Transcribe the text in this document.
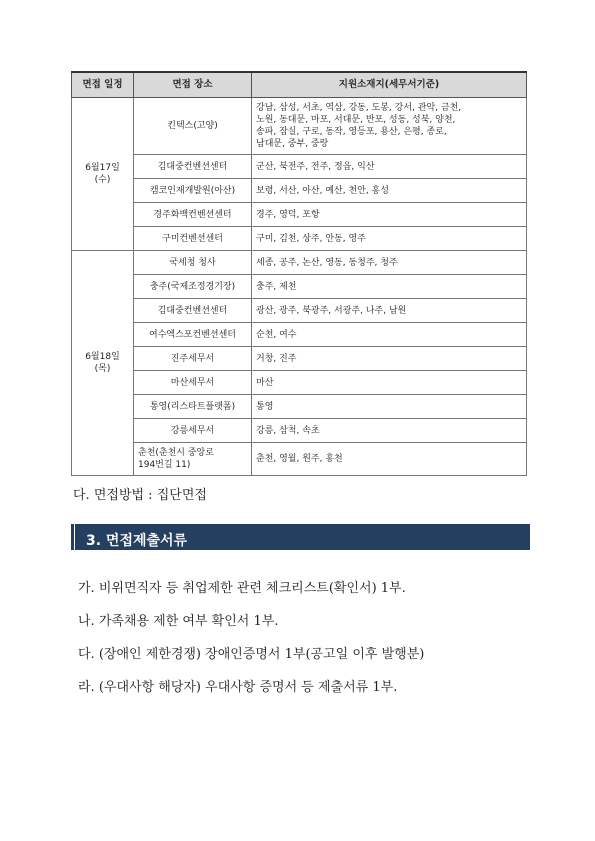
면접 일정	면접 장소	지원소재지(세무서기준)

6월17일
(수)	킨텍스(고양)	강남, 삼성, 서초, 역삼, 강동, 도봉, 강서, 관악, 금천,
노원, 동대문, 마포, 서대문, 반포, 성동, 성북, 양천,
송파, 잠실, 구로, 동작, 영등포, 용산, 은평, 종로,
남대문, 중부, 중랑

	김대중컨벤션센터	군산, 북전주, 전주, 정읍, 익산
	캠코인재개발원(아산)	보령, 서산, 아산, 예산, 천안, 홍성
	경주화백컨벤션센터	경주, 영덕, 포항
	구미컨벤션센터	구미, 김천, 상주, 안동, 영주

6월18일
(목)	국세청 청사	세종, 공주, 논산, 영동, 동청주, 청주
	충주(국제조정경기장)	충주, 제천
	김대중컨벤션센터	광산, 광주, 북광주, 서광주, 나주, 남원
	여수엑스포컨벤션센터	순천, 여수
	진주세무서	거창, 진주
	마산세무서	마산
	통영(리스타트플랫폼)	통영
	강릉세무서	강릉, 삼척, 속초

	춘천(춘천시 중앙로
194번길 11)	춘천, 영월, 원주, 홍천
다. 면접방법 : 집단면접
3. 면접제출서류
가. 비위면직자 등 취업제한 관련 체크리스트(확인서) 1부.
나. 가족채용 제한 여부 확인서 1부.
다. (장애인 제한경쟁) 장애인증명서 1부(공고일 이후 발행분)
라. (우대사항 해당자) 우대사항 증명서 등 제출서류 1부.
